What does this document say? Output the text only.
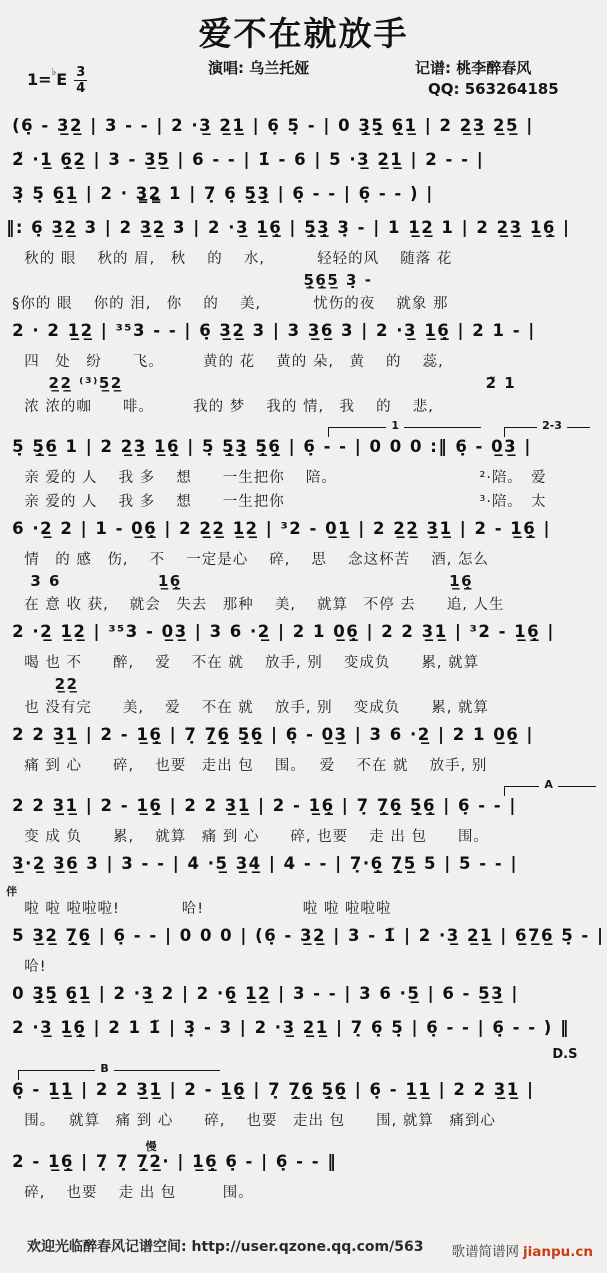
爱不在就放手
演唱: 乌兰托娅	记谱: 桃李醉春风
QQ: 563264185
$1=^♭E \frac{3}{4}$
(6̣ - 3̲2̲ | 3 - - | 2 ·3̲ 2̲1̲ | 6̣ 5̣ - | 0 3̲̣5̲̣ 6̲̣1̲ | 2 2̲3̲ 2̲5̲ |
2̃ ·1̲ 6̲̣2̲ | 3 - 3̲5̲ | 6 - - | 1̇ - 6 | 5 ·3̲ 2̲1̲ | 2 - - |
3̣ 5̣ 6̲̣1̲ | 2 · 3̳2̳ 1 | 7̣ 6̣ 5̲̣3̲̣ | 6̣ - - | 6̣ - - ) |
‖: 6̣ 3̲2̲ 3 | 2 3̲2̲ 3 | 2 ·3̲ 1̲6̲̣ | 5̲̣3̲̣ 3̣ - | 1 1̲2̲ 1 | 2 2̲3̲ 1̲6̲̣ |
秋的 眼　 秋的 眉,　秋　 的　 水,　　　 轻轻的风　 随落 花
5̲̣6̲̣5̲ 3̣ -
§你的 眼　 你的 泪,　你　 的　 美,　　　 忧伤的夜　 就象 那
2 · 2 1̲2̲ | ³⁵3 - - | 6̣ 3̲2̲ 3 | 3 3̲6̲ 3 | 2 ·3̲ 1̲6̲̣ | 2 1 - |
四　处　纷　　飞。　　　黄的 花　 黄的 朵,　黄　 的　 蕊,
2̲2̲ ⁽³⁾5̲2̲	2̃ 1
浓 浓的咖　　啡。　　　我的 梦　 我的 情,　我　 的　 悲,
1	2-3
5̣ 5̲̣6̲ 1 | 2 2̲3̲ 1̲6̲̣ | 5̣ 5̲̣3̲̣ 5̲̣6̲̣ | 6̣ - - | 0 0 0 :‖ 6̣ - 0̲3̲ |
亲 爱的 人　 我 多　 想　　一生把你　 陪。	²·陪。　爱
亲 爱的 人　 我 多　 想　　一生把你	³·陪。　太
6 ·2̲ 2 | 1 - 0̲6̲̣ | 2 2̲2̲ 1̲2̲ | ³2 - 0̲1̲ | 2 2̲2̲ 3̲1̲ | 2 - 1̲6̲̣ |
情　的 感　伤,　 不　 一定是心　 碎,　 思　 念这杯苦　 酒, 怎么
3 6	1̲6̲̣	1̲6̲̣
在 意 收 获,　 就会　失去　那种　 美,　 就算　不停 去　　追, 人生
2 ·2̲ 1̲2̲ | ³⁵3 - 0̲3̲ | 3 6 ·2̲ | 2 1 0̲6̲̣ | 2 2 3̲1̲ | ³2 - 1̲6̲̣ |
喝 也 不　　醉,　 爱　 不在 就　 放手, 别　 变成负　　累, 就算
2̲2̲
也 没有完　　美,　 爱　 不在 就　 放手, 别　 变成负　　累, 就算
2 2 3̲1̲ | 2 - 1̲6̲̣ | 7̣ 7̲̣6̲̣ 5̲̣6̲̣ | 6̣ - 0̲3̲ | 3 6 ·2̲ | 2 1 0̲6̲̣ |
痛 到 心　　碎,　 也要　走出 包　 围。　 爱　 不在 就　 放手, 别
A
2 2 3̲1̲ | 2 - 1̲6̲̣ | 2 2 3̲1̲ | 2 - 1̲6̲̣ | 7̣ 7̲̣6̲̣ 5̲̣6̲̣ | 6̣ - - |
变 成 负　　累,　 就算　痛 到 心　　碎, 也要　 走 出 包　　围。
3̲·2̲ 3̲6̲ 3 | 3 - - | 4 ·5̲ 3̲4̲ | 4 - - | 7̣·6̲̣ 7̲̣5̲ 5 | 5 - - |
伴
啦 啦 啦啦啦!　　　　哈!　　　　　　 啦 啦 啦啦啦
5 3̲2̲ 7̲̣6̲̣ | 6̣ - - | 0 0 0 | (6̣ - 3̲2̲ | 3 - 1̃ | 2 ·3̲ 2̲1̲ | 6̲7̲6̲ 5̣ - |
哈!
0 3̲̣5̲̣ 6̲̣1̲ | 2 ·3̲ 2 | 2 ·6̲̣ 1̲2̲ | 3 - - | 3 6 ·5̲ | 6 - 5̲3̲ |
2 ·3̲ 1̲6̲̣ | 2 1 1̃ | 3̣ - 3 | 2 ·3̲ 2̲1̲ | 7̣ 6̣ 5̣ | 6̣ - - | 6̣ - - ) ‖
D.S
B
6̣ - 1̲1̲ | 2 2 3̲1̲ | 2 - 1̲6̲̣ | 7̣ 7̲̣6̲̣ 5̲̣6̲̣ | 6̣ - 1̲1̲ | 2 2 3̲1̲ |
围。　 就算　痛 到 心　　碎,　 也要　走出 包　　围, 就算　痛到心
慢
2 - 1̲6̲̣ | 7̣ 7̣ 7̲̣2̲· | 1̲6̲̣ 6̣ - | 6̣ - - ‖
碎,　 也要　 走 出 包　　　围。
欢迎光临醉春风记谱空间: http://user.qzone.qq.com/563 歌谱简谱网 jianpu.cn
